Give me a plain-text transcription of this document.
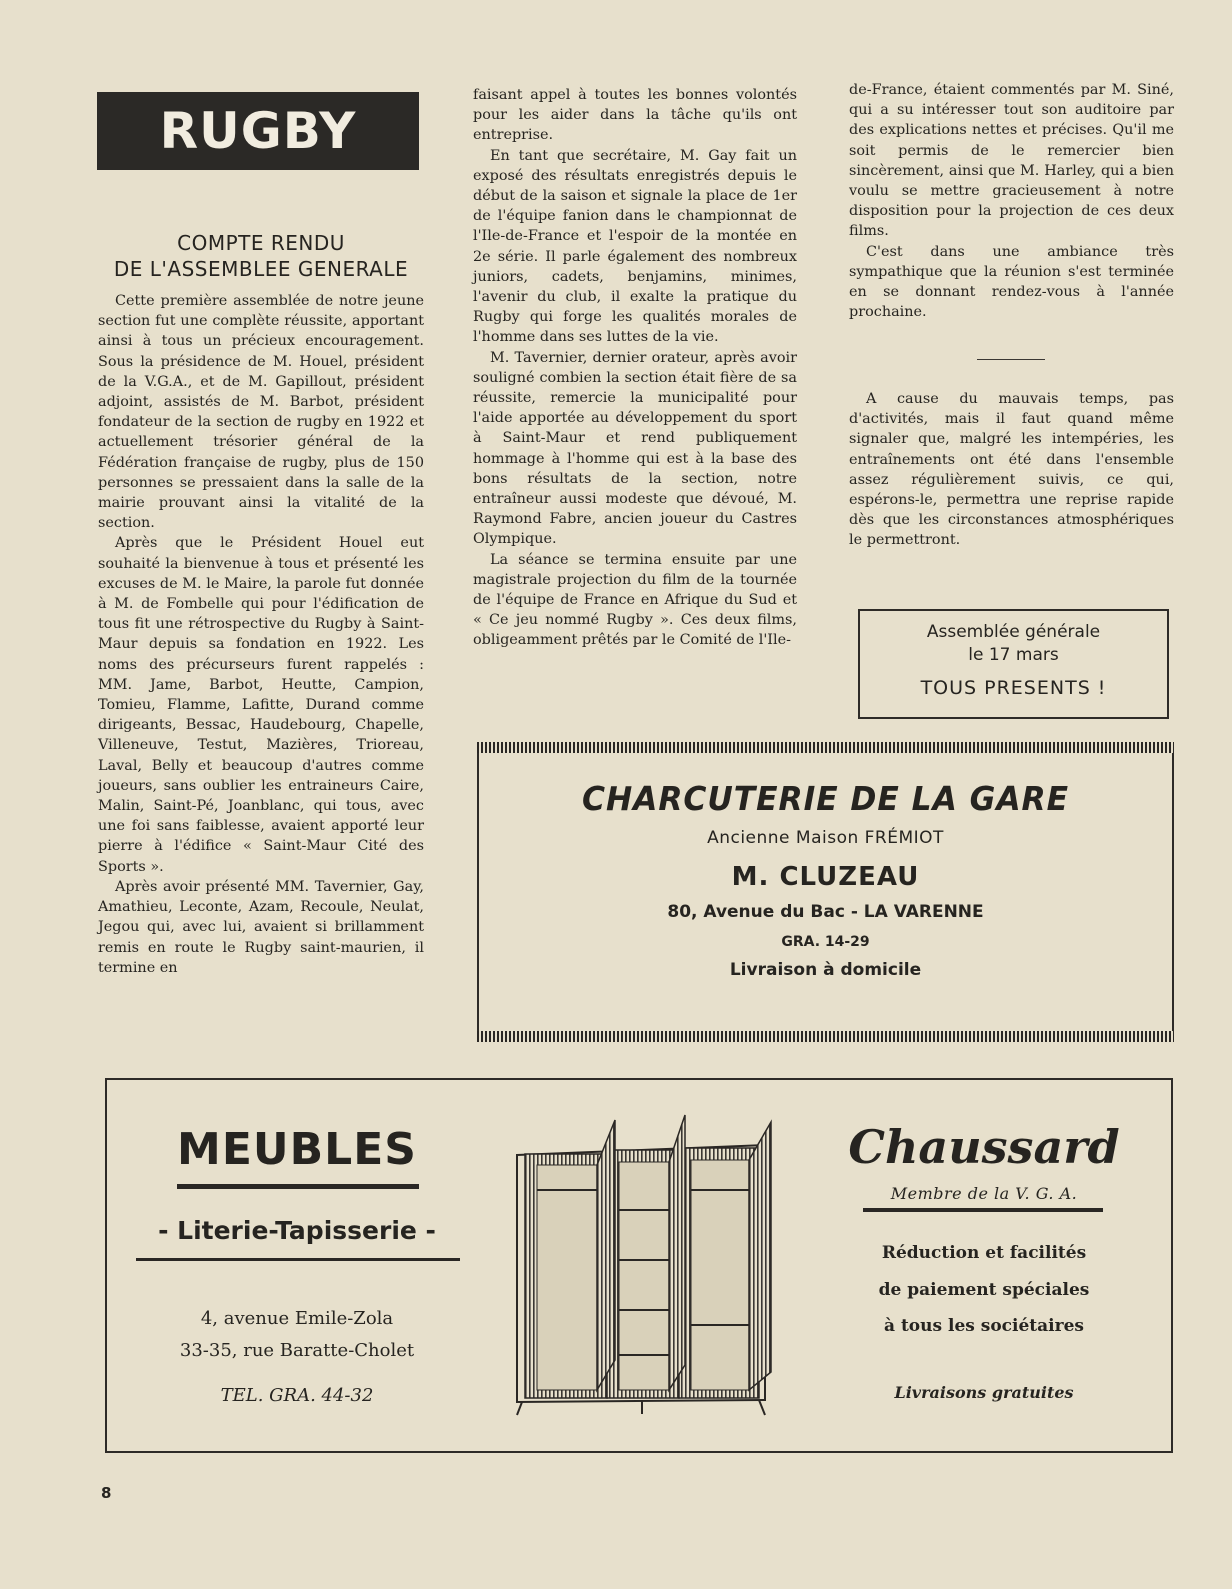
RUGBY
COMPTE RENDU
DE L'ASSEMBLEE GENERALE

Cette première assemblée de notre jeune section fut une complète réussite, apportant ainsi à tous un précieux encouragement. Sous la présidence de M. Houel, président de la V.G.A., et de M. Gapillout, président adjoint, assistés de M. Barbot, président fondateur de la section de rugby en 1922 et actuellement trésorier général de la Fédération française de rugby, plus de 150 personnes se pressaient dans la salle de la mairie prouvant ainsi la vitalité de la section.

Après que le Président Houel eut souhaité la bienvenue à tous et présenté les excuses de M. le Maire, la parole fut donnée à M. de Fombelle qui pour l'édification de tous fit une rétrospective du Rugby à Saint-Maur depuis sa fondation en 1922. Les noms des précurseurs furent rappelés : MM. Jame, Barbot, Heutte, Campion, Tomieu, Flamme, Lafitte, Durand comme dirigeants, Bessac, Haudebourg, Chapelle, Villeneuve, Testut, Mazières, Trioreau, Laval, Belly et beaucoup d'autres comme joueurs, sans oublier les entraineurs Caire, Malin, Saint-Pé, Joanblanc, qui tous, avec une foi sans faiblesse, avaient apporté leur pierre à l'édifice « Saint-Maur Cité des Sports ».

Après avoir présenté MM. Tavernier, Gay, Amathieu, Leconte, Azam, Recoule, Neulat, Jegou qui, avec lui, avaient si brillamment remis en route le Rugby saint-maurien, il termine en

faisant appel à toutes les bonnes volontés pour les aider dans la tâche qu'ils ont entreprise.

En tant que secrétaire, M. Gay fait un exposé des résultats enregistrés depuis le début de la saison et signale la place de 1er de l'équipe fanion dans le championnat de l'Ile-de-France et l'espoir de la montée en 2e série. Il parle également des nombreux juniors, cadets, benjamins, minimes, l'avenir du club, il exalte la pratique du Rugby qui forge les qualités morales de l'homme dans ses luttes de la vie.

M. Tavernier, dernier orateur, après avoir souligné combien la section était fière de sa réussite, remercie la municipalité pour l'aide apportée au développement du sport à Saint-Maur et rend publiquement hommage à l'homme qui est à la base des bons résultats de la section, notre entraîneur aussi modeste que dévoué, M. Raymond Fabre, ancien joueur du Castres Olympique.

La séance se termina ensuite par une magistrale projection du film de la tournée de l'équipe de France en Afrique du Sud et « Ce jeu nommé Rugby ». Ces deux films, obligeamment prêtés par le Comité de l'Ile-

de-France, étaient commentés par M. Siné, qui a su intéresser tout son auditoire par des explications nettes et précises. Qu'il me soit permis de le remercier bien sincèrement, ainsi que M. Harley, qui a bien voulu se mettre gracieusement à notre disposition pour la projection de ces deux films.

C'est dans une ambiance très sympathique que la réunion s'est terminée en se donnant rendez-vous à l'année prochaine.

A cause du mauvais temps, pas d'activités, mais il faut quand même signaler que, malgré les intempéries, les entraînements ont été dans l'ensemble assez régulièrement suivis, ce qui, espérons-le, permettra une reprise rapide dès que les circonstances atmosphériques le permettront.

Assemblée générale
le 17 mars
TOUS PRESENTS !
CHARCUTERIE DE LA GARE
Ancienne Maison FRÉMIOT
M. CLUZEAU
80, Avenue du Bac - LA VARENNE
GRA. 14-29
Livraison à domicile
MEUBLES
- Literie-Tapisserie -
4, avenue Emile-Zola
33-35, rue Baratte-Cholet
TEL. GRA. 44-32
Chaussard
Membre de la V. G. A.
Réduction et facilités
de paiement spéciales
à tous les sociétaires
Livraisons gratuites
8
